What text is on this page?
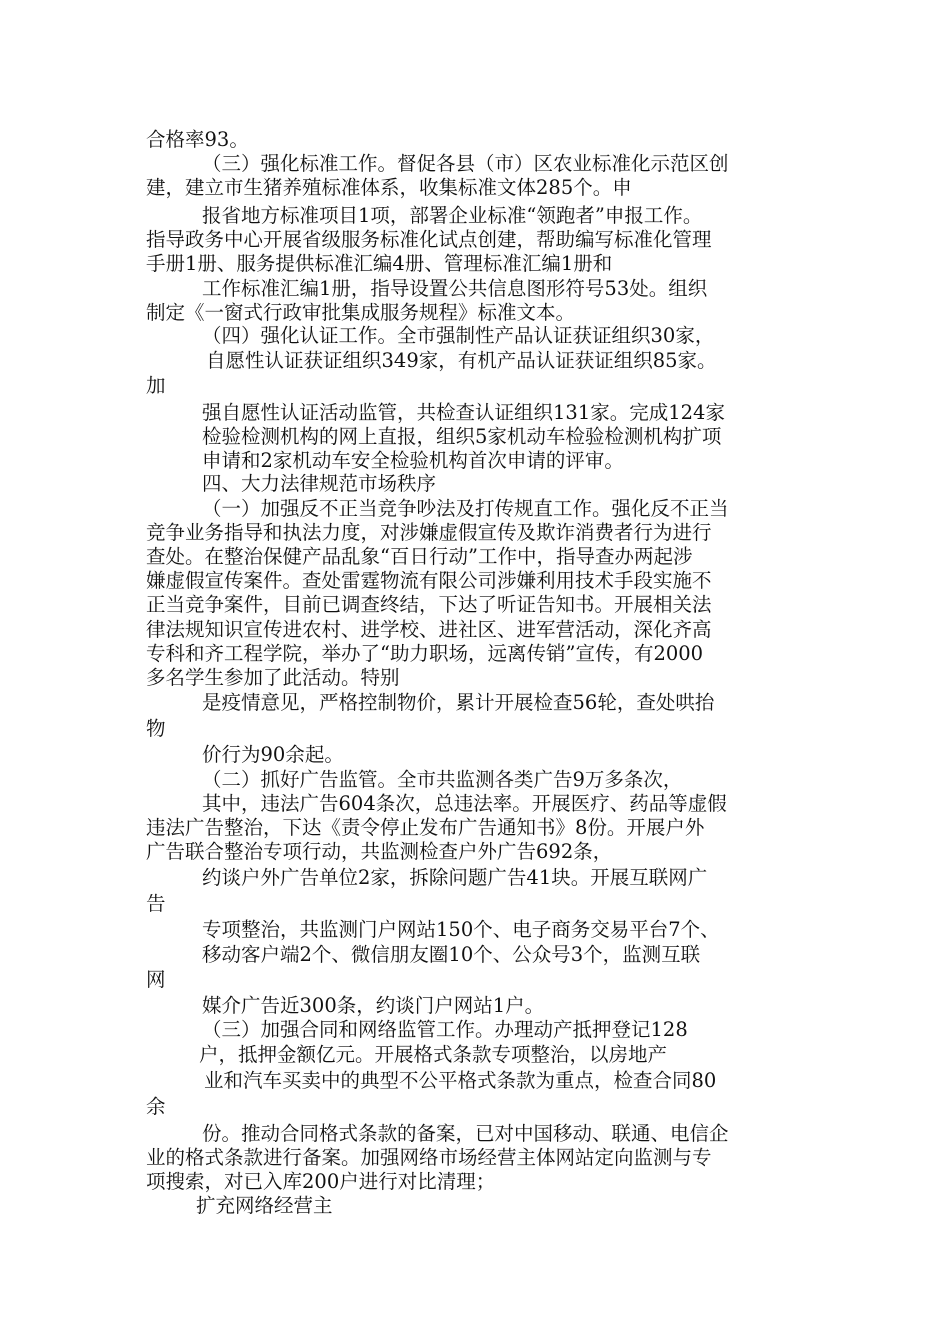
合格率93。

（三）强化标准工作。督促各县（市）区农业标准化示范区创

建，建立市生猪养殖标准体系，收集标准文体285个。申

报省地方标准项目1项，部署企业标准“领跑者”申报工作。

指导政务中心开展省级服务标准化试点创建，帮助编写标准化管理

手册1册、服务提供标准汇编4册、管理标准汇编1册和

工作标准汇编1册，指导设置公共信息图形符号53处。组织

制定《一窗式行政审批集成服务规程》标准文本。

（四）强化认证工作。全市强制性产品认证获证组织30家，

自愿性认证获证组织349家，有机产品认证获证组织85家。

加

强自愿性认证活动监管，共检查认证组织131家。完成124家

检验检测机构的网上直报，组织5家机动车检验检测机构扩项

申请和2家机动车安全检验机构首次申请的评审。

四、大力法律规范市场秩序

（一）加强反不正当竞争吵法及打传规直工作。强化反不正当

竞争业务指导和执法力度，对涉嫌虚假宣传及欺诈消费者行为进行

查处。在整治保健产品乱象“百日行动”工作中，指导查办两起涉

嫌虚假宣传案件。查处雷霆物流有限公司涉嫌利用技术手段实施不

正当竞争案件，目前已调查终结，下达了听证告知书。开展相关法

律法规知识宣传进农村、进学校、进社区、进军营活动，深化齐高

专科和齐工程学院，举办了“助力职场，远离传销”宣传，有2000

多名学生参加了此活动。特别

是疫情意见，严格控制物价，累计开展检查56轮，查处哄抬

物

价行为90余起。

（二）抓好广告监管。全市共监测各类广告9万多条次，

其中，违法广告604条次，总违法率。开展医疗、药品等虚假

违法广告整治，下达《责令停止发布广告通知书》8份。开展户外

广告联合整治专项行动，共监测检查户外广告692条，

约谈户外广告单位2家，拆除问题广告41块。开展互联网广

告

专项整治，共监测门户网站150个、电子商务交易平台7个、

移动客户端2个、微信朋友圈10个、公众号3个，监测互联

网

媒介广告近300条，约谈门户网站1户。

（三）加强合同和网络监管工作。办理动产抵押登记128

户，抵押金额亿元。开展格式条款专项整治，以房地产

业和汽车买卖中的典型不公平格式条款为重点，检查合同80

余

份。推动合同格式条款的备案，已对中国移动、联通、电信企

业的格式条款进行备案。加强网络市场经营主体网站定向监测与专

项搜索，对已入库200户进行对比清理；

扩充网络经营主
